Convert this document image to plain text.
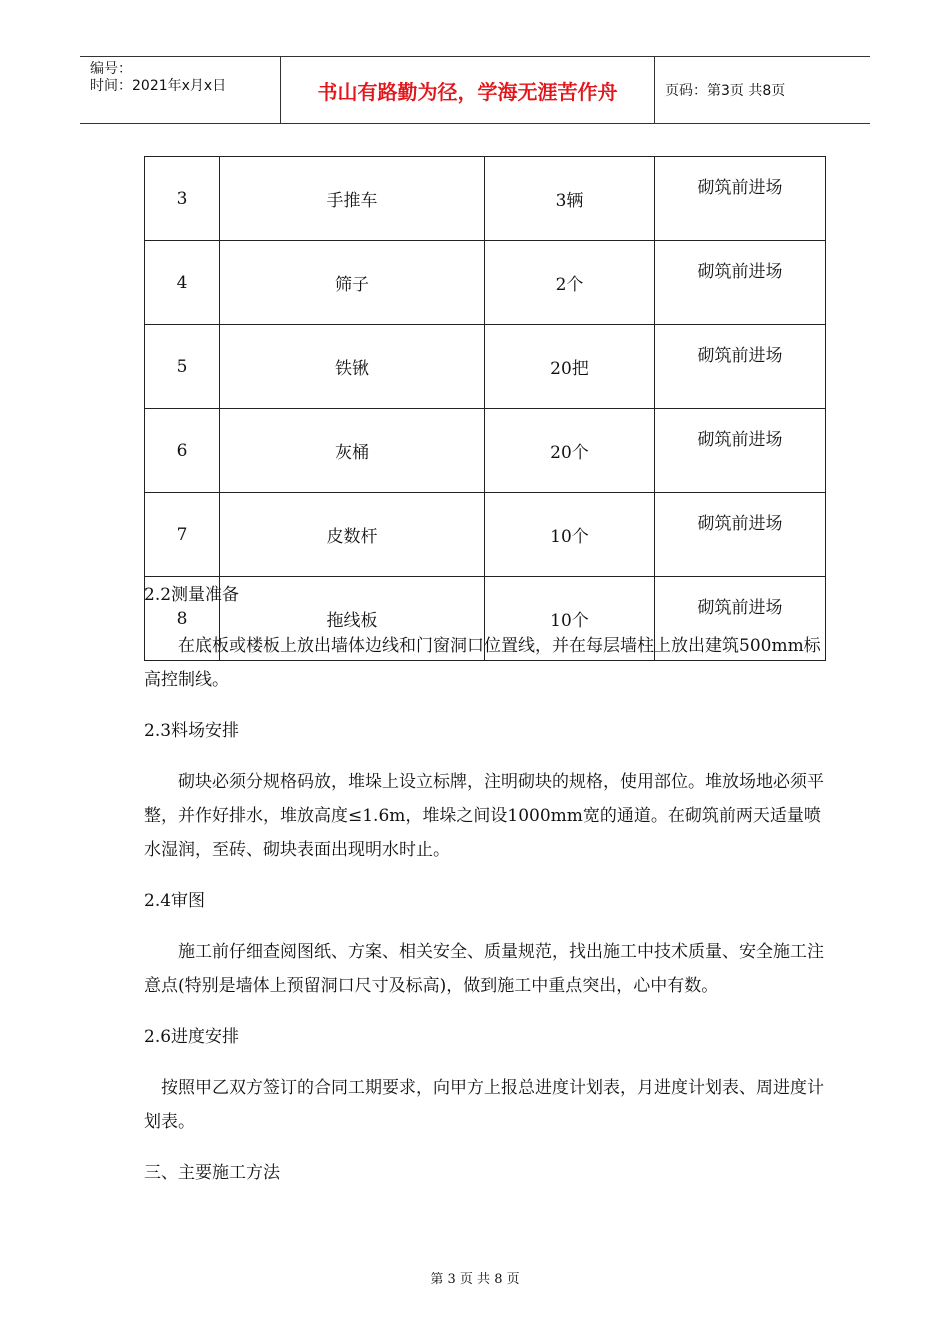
编号：
时间：2021年x月x日	书山有路勤为径，学海无涯苦作舟	页码：第3页 共8页
3	手推车	3辆	砌筑前进场
4	筛子	2个	砌筑前进场
5	铁锹	20把	砌筑前进场
6	灰桶	20个	砌筑前进场
7	皮数杆	10个	砌筑前进场
8	拖线板	10个	砌筑前进场

2.2测量准备

在底板或楼板上放出墙体边线和门窗洞口位置线，并在每层墙柱上放出建筑500mm标高控制线。

2.3料场安排

砌块必须分规格码放，堆垛上设立标牌，注明砌块的规格，使用部位。堆放场地必须平整，并作好排水，堆放高度≤1.6m，堆垛之间设1000mm宽的通道。在砌筑前两天适量喷水湿润，至砖、砌块表面出现明水时止。

2.4审图

施工前仔细查阅图纸、方案、相关安全、质量规范，找出施工中技术质量、安全施工注意点(特别是墙体上预留洞口尺寸及标高)，做到施工中重点突出，心中有数。

2.6进度安排

按照甲乙双方签订的合同工期要求，向甲方上报总进度计划表，月进度计划表、周进度计划表。

三、主要施工方法

第 3 页 共 8 页
